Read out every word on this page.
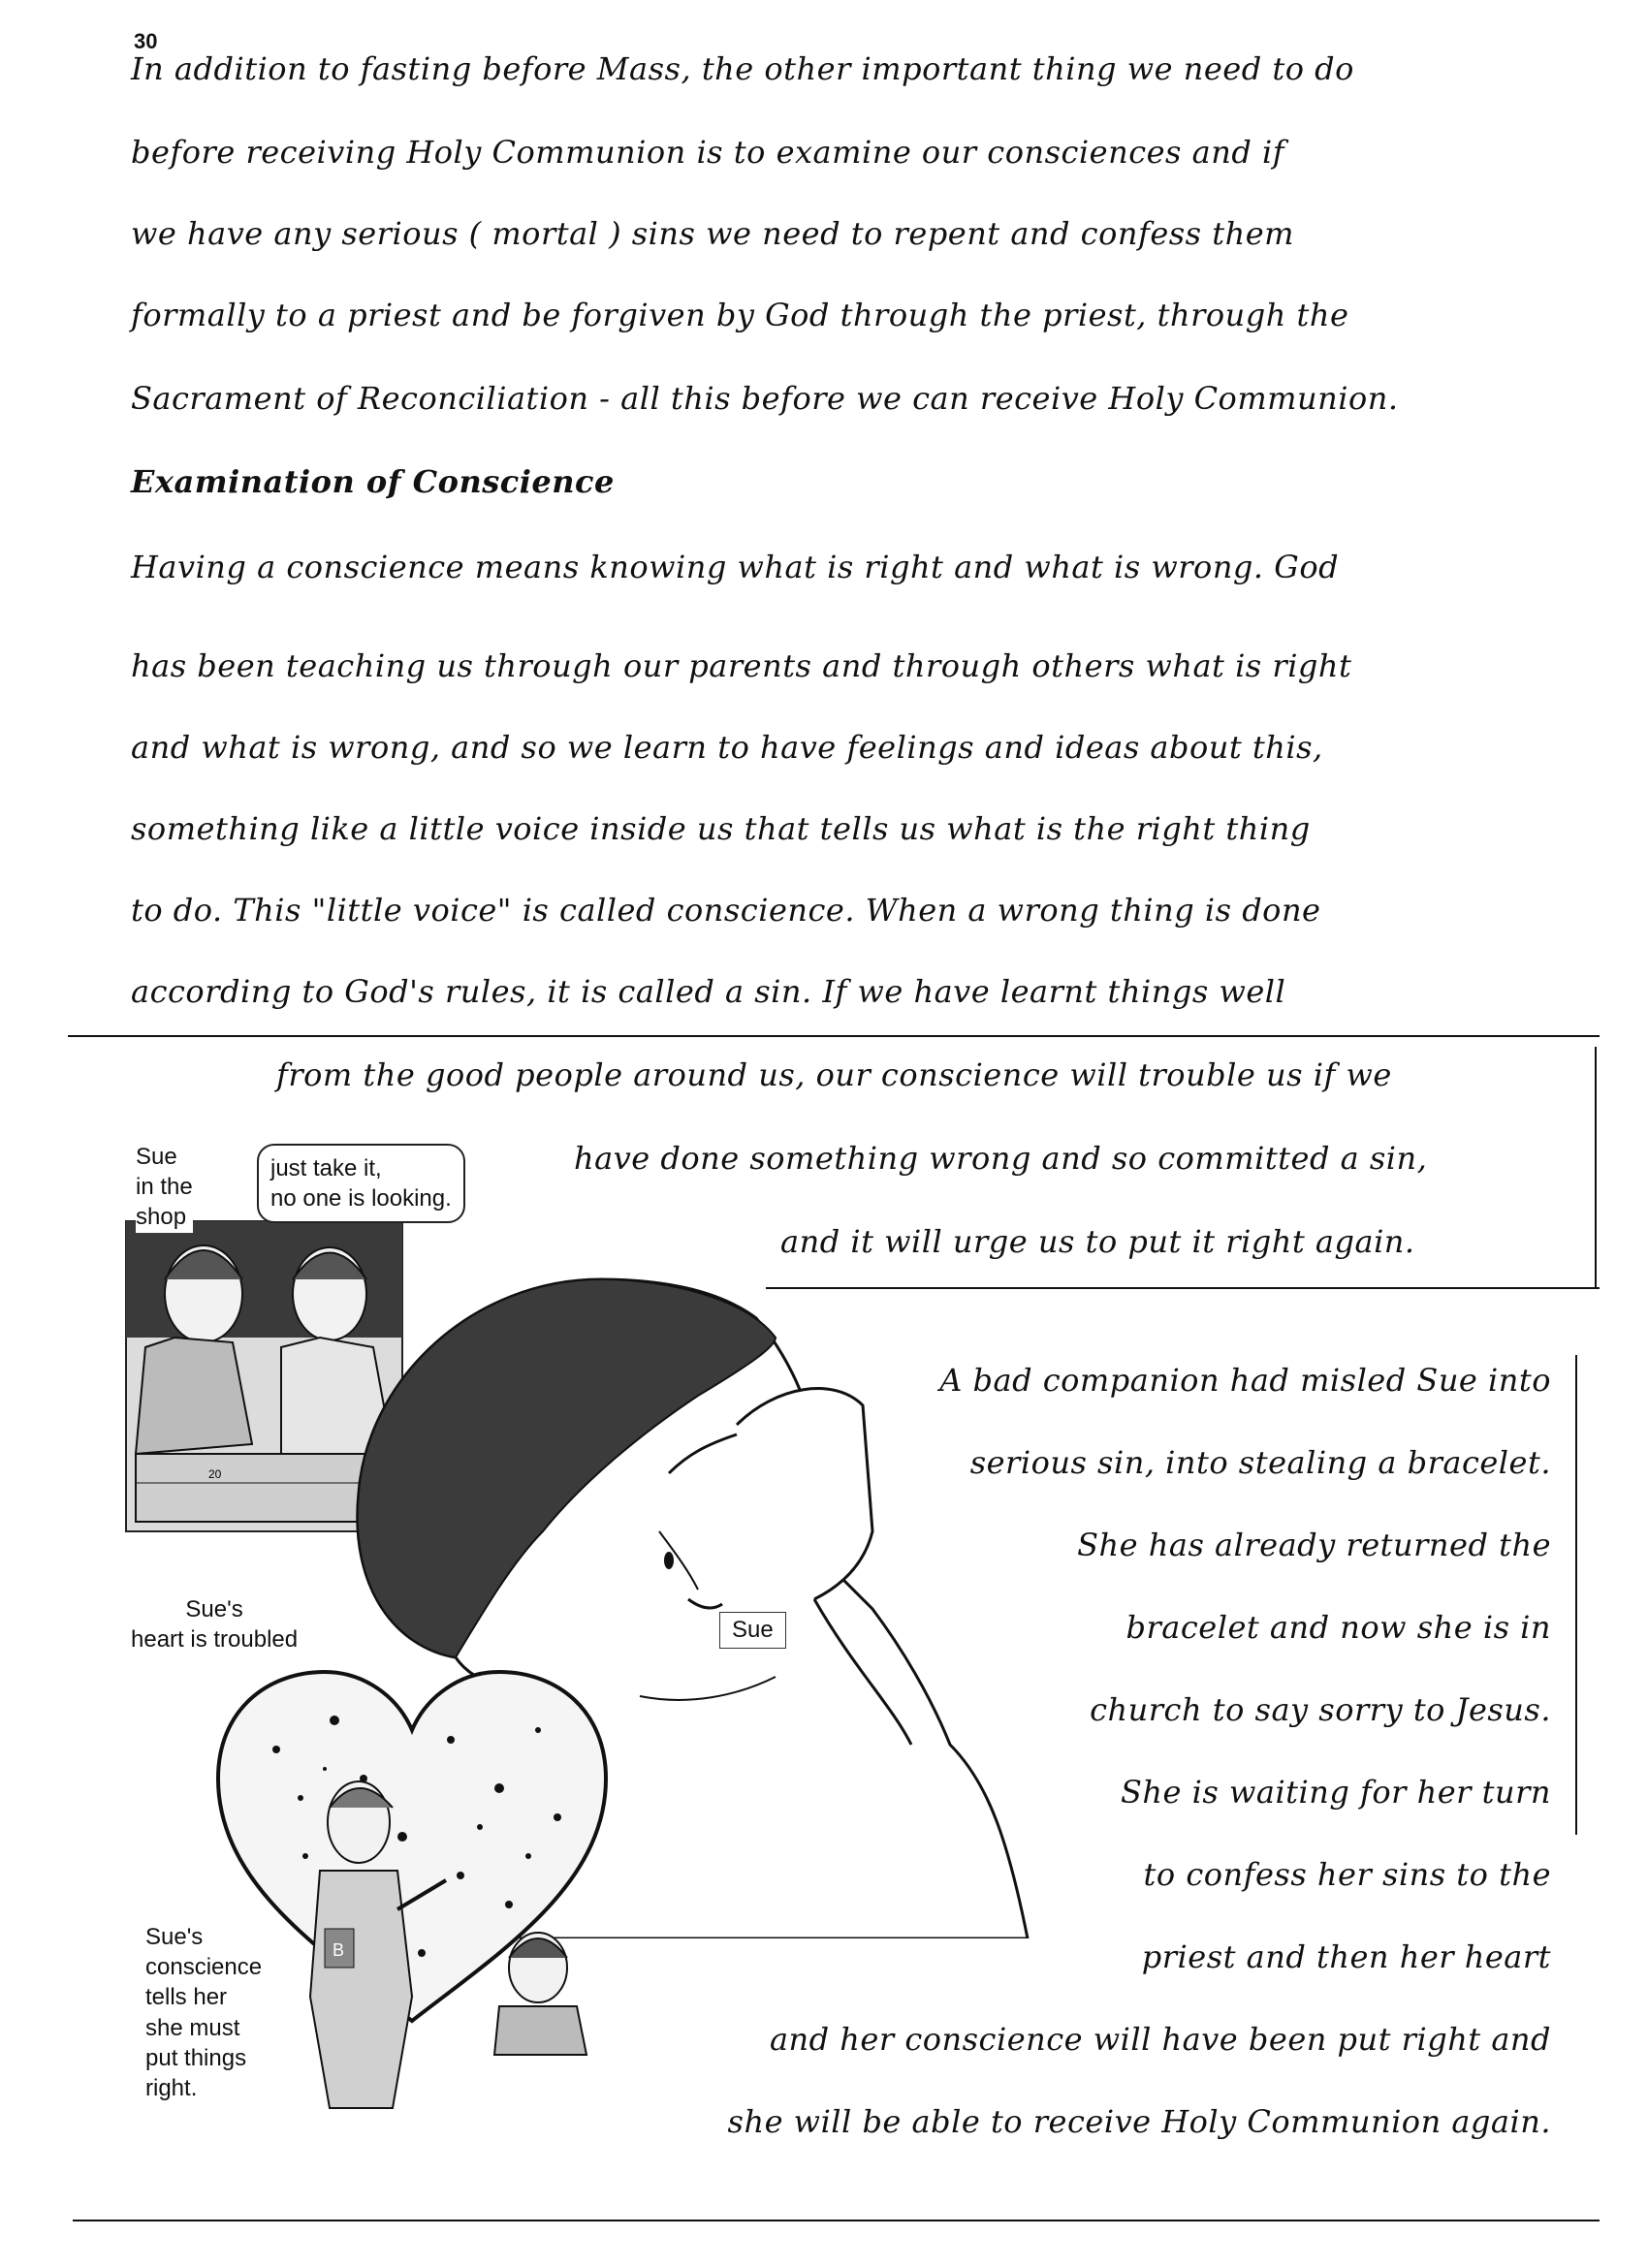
30
In addition to fasting before Mass, the other important thing we need to do
before receiving Holy Communion is to examine our consciences and if
we have any serious ( mortal ) sins we need to repent and confess them
formally to a priest and be forgiven by God through the priest, through the
Sacrament of Reconciliation - all this before we can receive Holy Communion.
Examination of Conscience
Having a conscience means knowing what is right and what is wrong. God
has been teaching us through our parents and through others what is right
and what is wrong, and so we learn to have feelings and ideas about this,
something like a little voice inside us that tells us what is the right thing
to do. This "little voice" is called conscience. When a wrong thing is done
according to God's rules, it is called a sin. If we have learnt things well
from the good people around us, our conscience will trouble us if we
have done something wrong and so committed a sin,
and it will urge us to put it right again.
20
B
Sue
in the
shop
just take it,
no one is looking.
Sue's
heart is troubled	Sue
Sue's
conscience
tells her
she must
put things
right.
A bad companion had misled Sue into
serious sin, into stealing a bracelet.
She has already returned the
bracelet and now she is in
church to say sorry to Jesus.
She is waiting for her turn
to confess her sins to the
priest and then her heart
and her conscience will have been put right and
she will be able to receive Holy Communion again.
